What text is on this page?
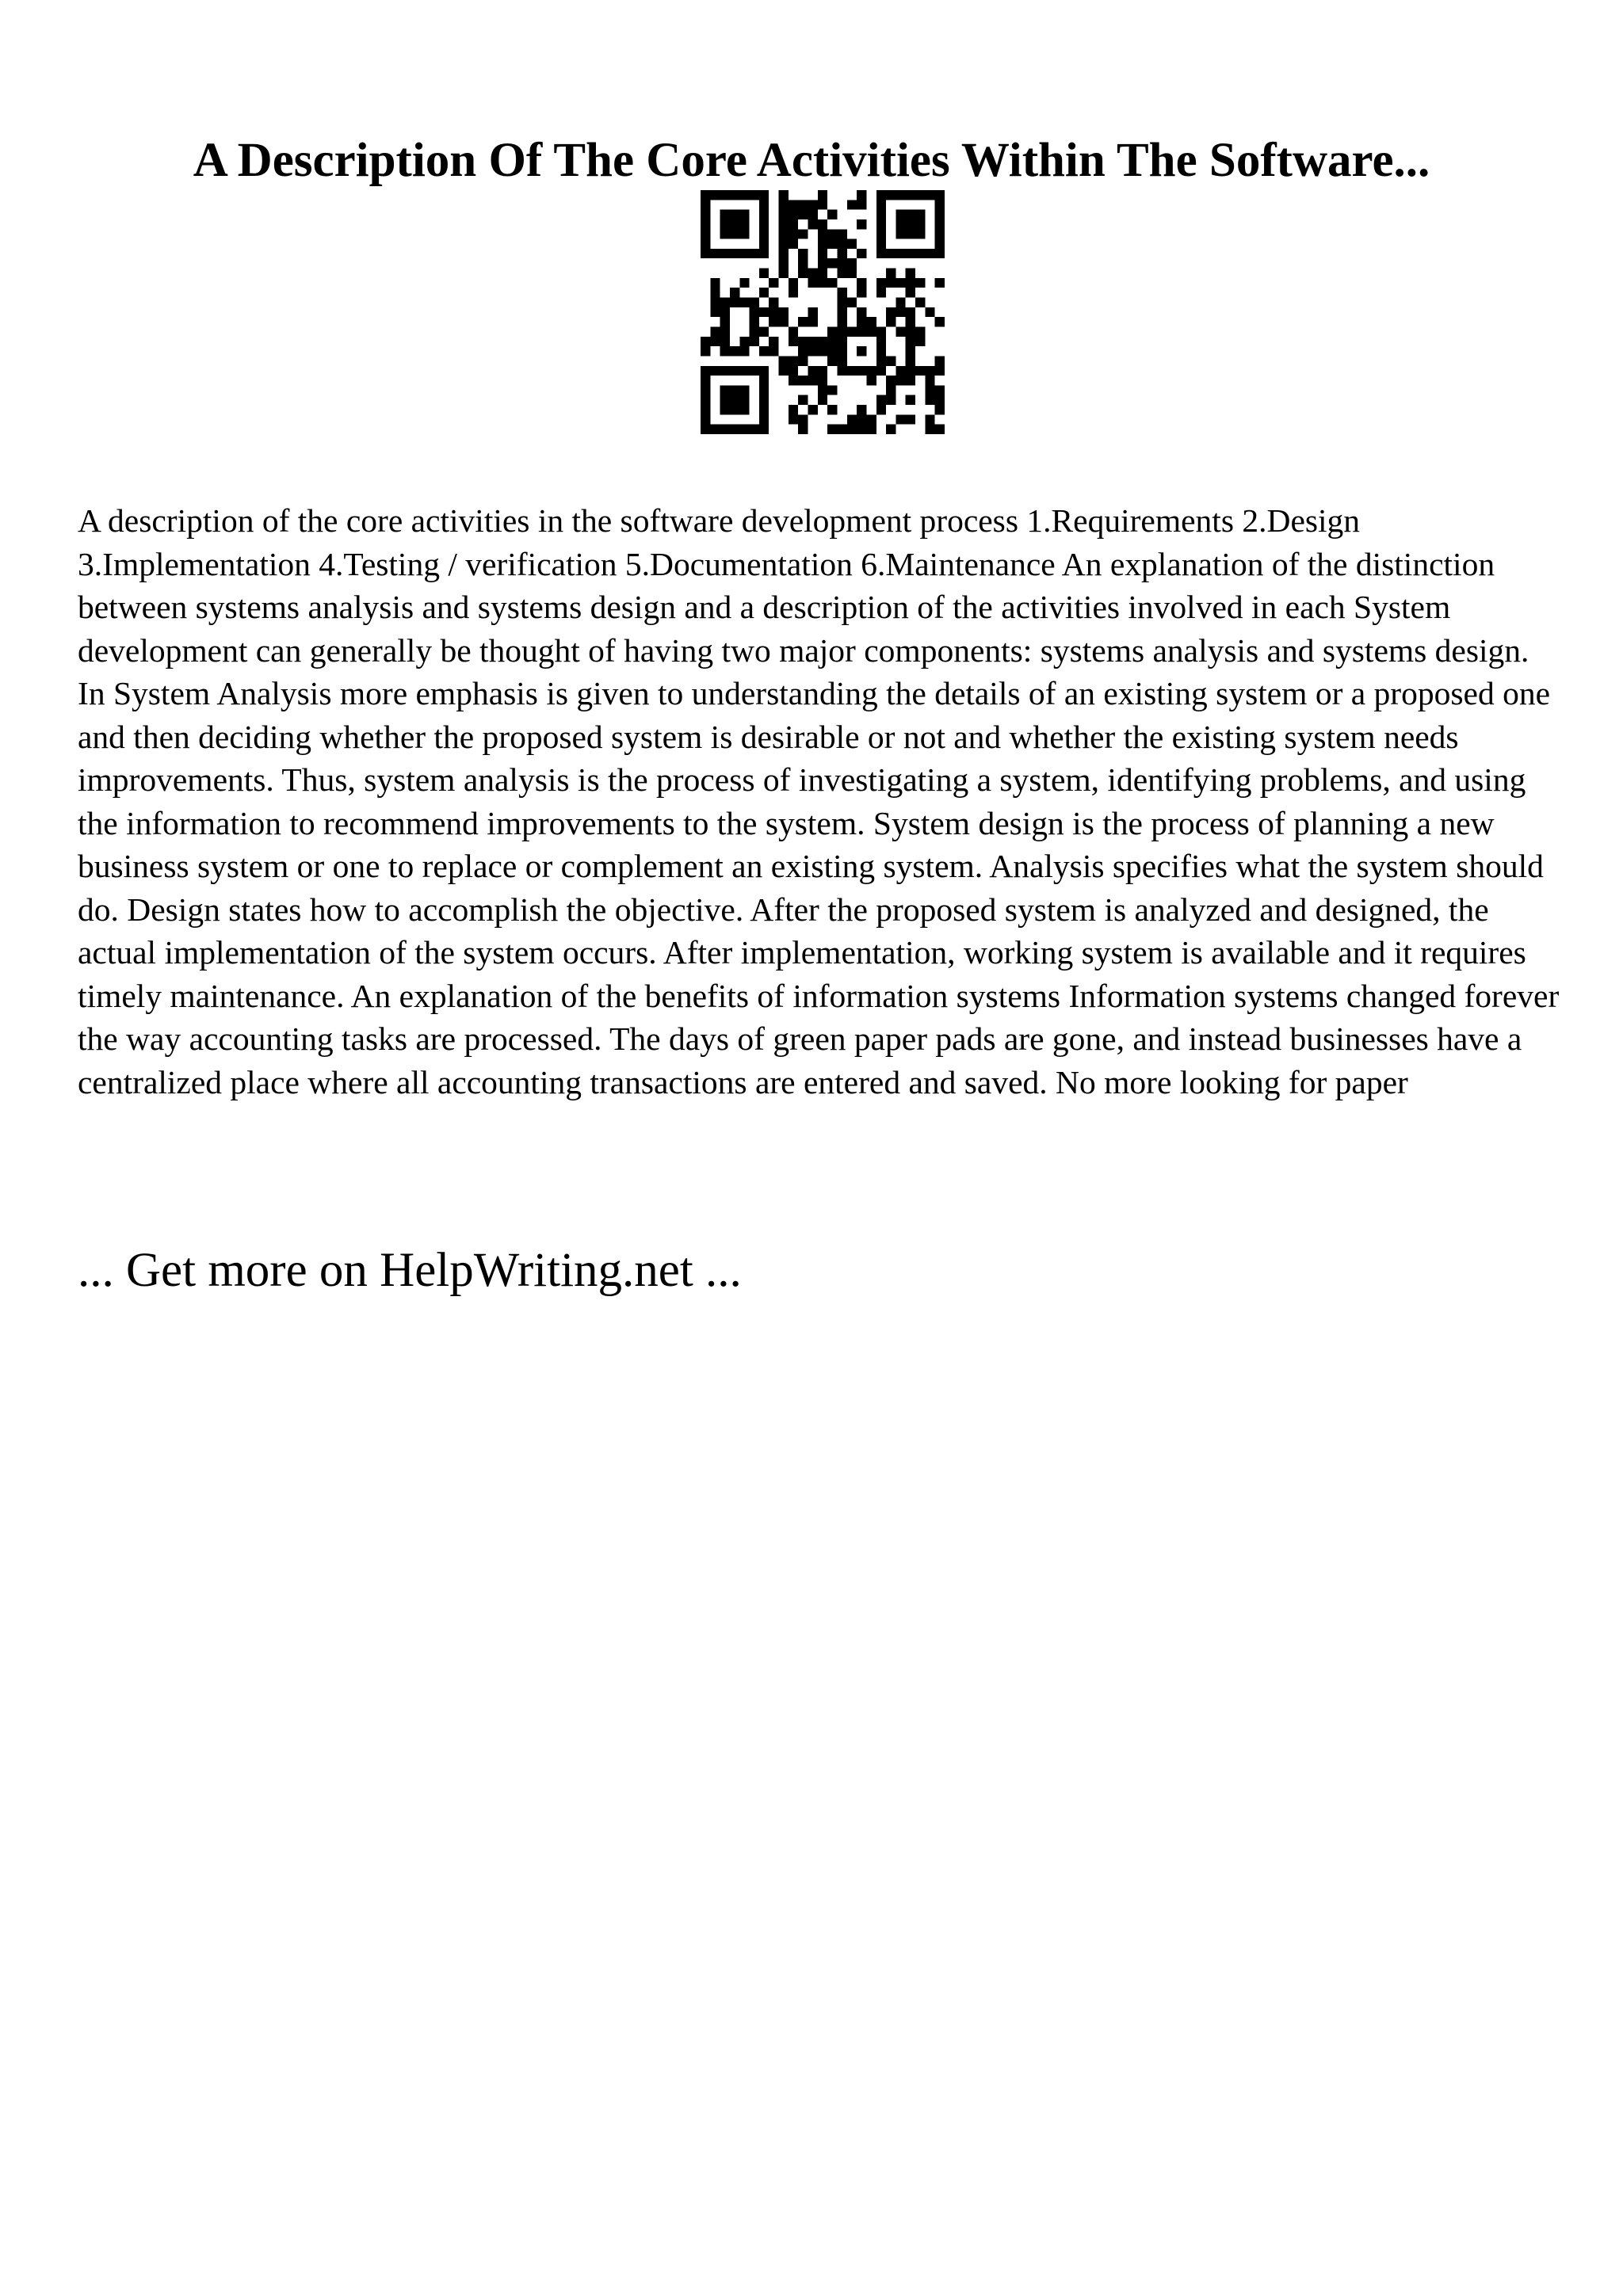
A Description Of The Core Activities Within The Software...
A description of the core activities in the software development process 1.Requirements 2.Design 3.Implementation 4.Testing / verification 5.Documentation 6.Maintenance An explanation of the distinction between systems analysis and systems design and a description of the activities involved in each System development can generally be thought of having two major components: systems analysis and systems design. In System Analysis more emphasis is given to understanding the details of an existing system or a proposed one and then deciding whether the proposed system is desirable or not and whether the existing system needs improvements. Thus, system analysis is the process of investigating a system, identifying problems, and using the information to recommend improvements to the system. System design is the process of planning a new business system or one to replace or complement an existing system. Analysis specifies what the system should do. Design states how to accomplish the objective. After the proposed system is analyzed and designed, the actual implementation of the system occurs. After implementation, working system is available and it requires timely maintenance. An explanation of the benefits of information systems Information systems changed forever the way accounting tasks are processed. The days of green paper pads are gone, and instead businesses have a centralized place where all accounting transactions are entered and saved. No more looking for paper
... Get more on HelpWriting.net ...
